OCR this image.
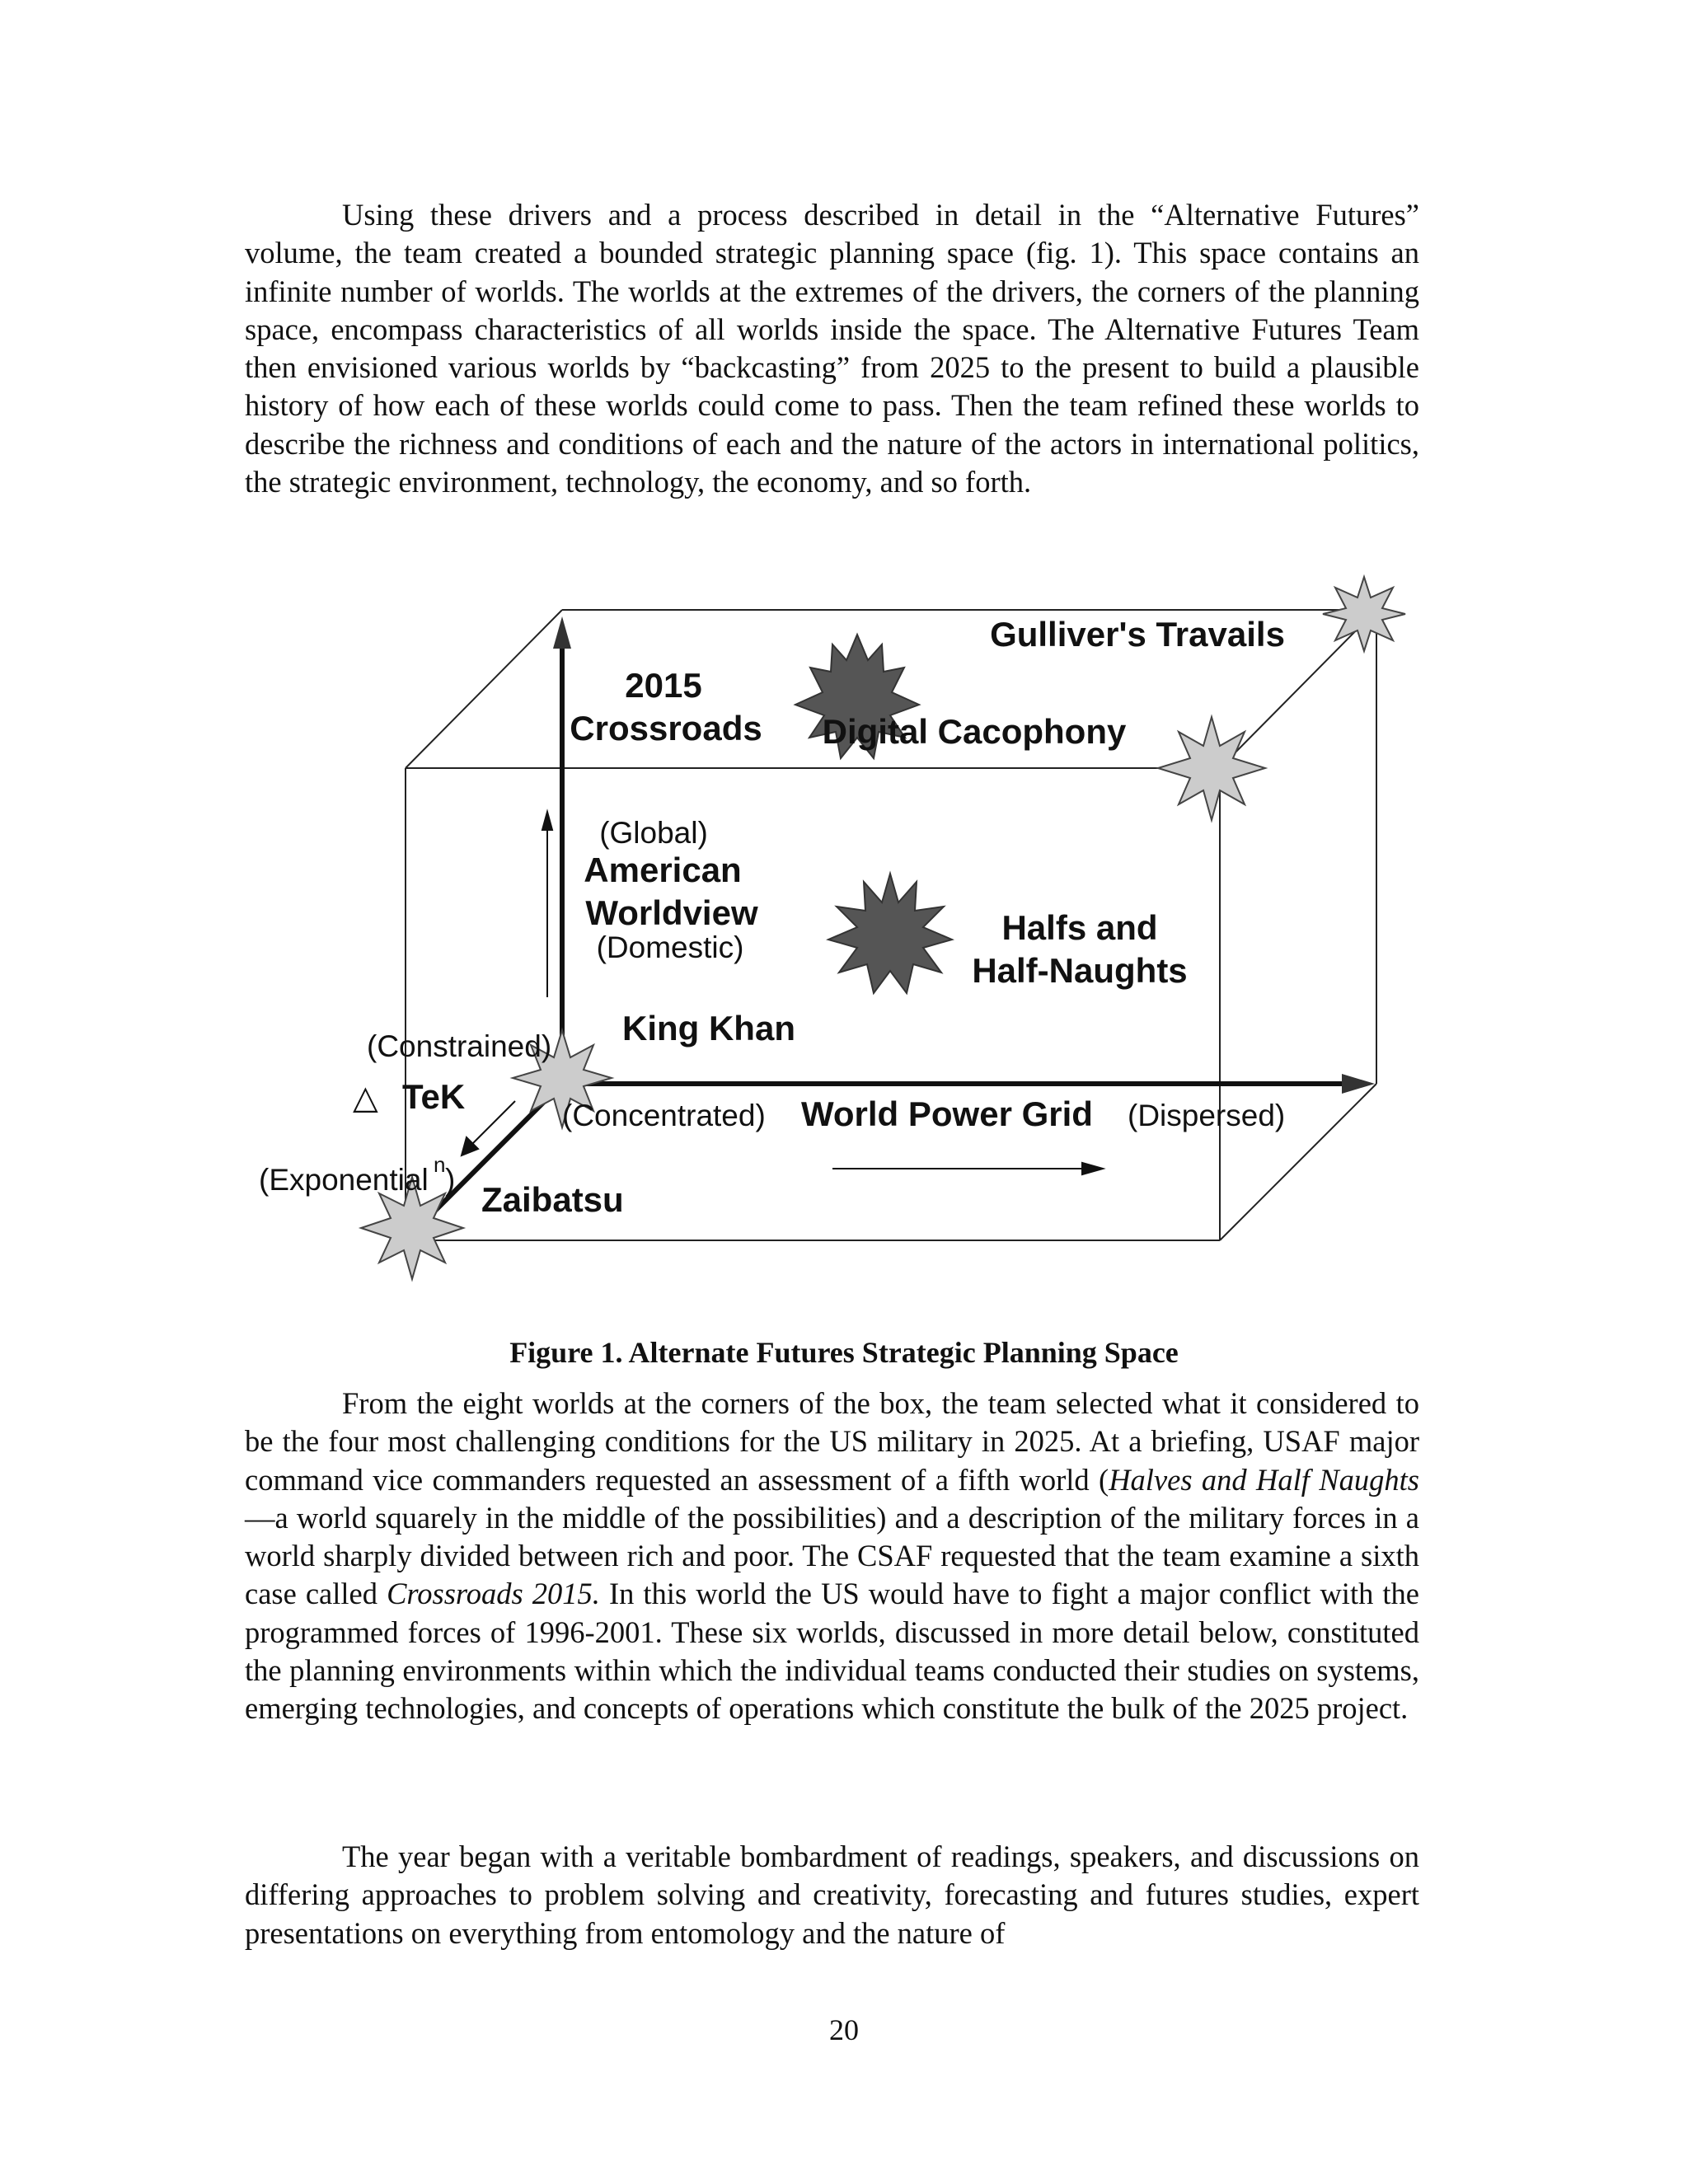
Using these drivers and a process described in detail in the “Alternative Futures” volume, the team created a bounded strategic planning space (fig. 1). This space contains an infinite number of worlds. The worlds at the extremes of the drivers, the corners of the planning space, encompass characteristics of all worlds inside the space. The Alternative Futures Team then envisioned various worlds by “backcasting” from 2025 to the present to build a plausible history of how each of these worlds could come to pass. Then the team refined these worlds to describe the richness and conditions of each and the nature of the actors in international politics, the strategic environment, technology, the economy, and so forth.

Gulliver's Travails
2015
Crossroads Digital Cacophony
(Global)
American
Worldview
(Domestic)
Halfs and
Half-Naughts
King Khan
(Constrained)
△ TeK	(Concentrated) World Power Grid (Dispersed)
(Exponential n )
Zaibatsu

Figure 1. Alternate Futures Strategic Planning Space

From the eight worlds at the corners of the box, the team selected what it considered to be the four most challenging conditions for the US military in 2025. At a briefing, USAF major command vice commanders requested an assessment of a fifth world (Halves and Half Naughts—a world squarely in the middle of the possibilities) and a description of the military forces in a world sharply divided between rich and poor. The CSAF requested that the team examine a sixth case called Crossroads 2015. In this world the US would have to fight a major conflict with the programmed forces of 1996-2001. These six worlds, discussed in more detail below, constituted the planning environments within which the individual teams conducted their studies on systems, emerging technologies, and concepts of operations which constitute the bulk of the 2025 project.

The year began with a veritable bombardment of readings, speakers, and discussions on differing approaches to problem solving and creativity, forecasting and futures studies, expert presentations on everything from entomology and the nature of

20
